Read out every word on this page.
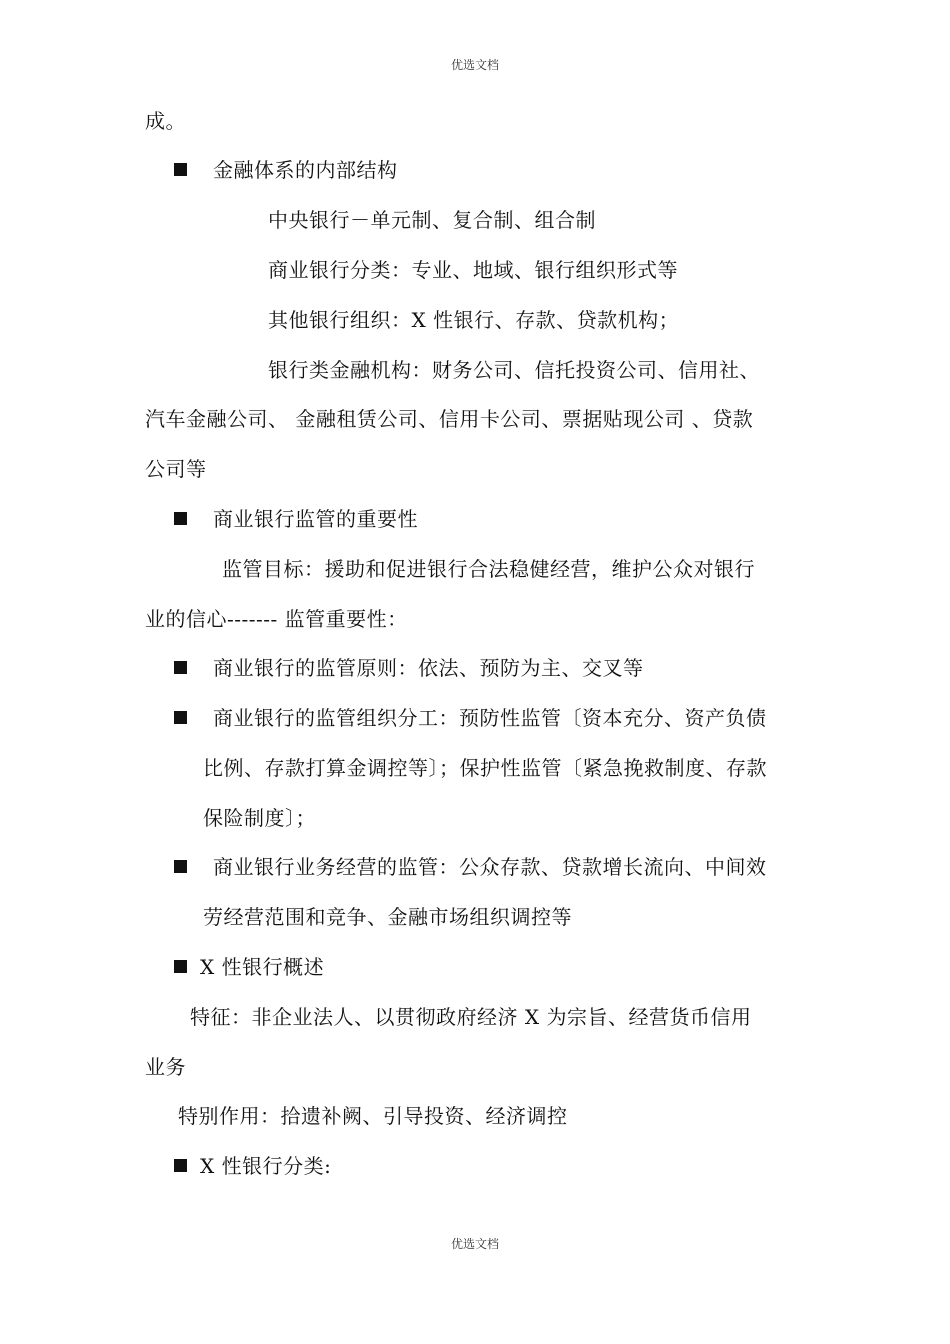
优选文档
成。
金融体系的内部结构
中央银行－单元制、复合制、组合制
商业银行分类：专业、地域、银行组织形式等
其他银行组织：X 性银行、存款、贷款机构；
银行类金融机构：财务公司、信托投资公司、信用社、
汽车金融公司、 金融租赁公司、信用卡公司、票据贴现公司 、贷款
公司等
商业银行监管的重要性
监管目标：援助和促进银行合法稳健经营，维护公众对银行
业的信心------- 监管重要性：
商业银行的监管原则：依法、预防为主、交叉等
商业银行的监管组织分工：预防性监管〔资本充分、资产负债
比例、存款打算金调控等〕；保护性监管〔紧急挽救制度、存款
保险制度〕；
商业银行业务经营的监管：公众存款、贷款增长流向、中间效
劳经营范围和竞争、金融市场组织调控等
X 性银行概述
特征：非企业法人、以贯彻政府经济 X 为宗旨、经营货币信用
业务
特别作用：拾遗补阙、引导投资、经济调控
X 性银行分类:
优选文档
